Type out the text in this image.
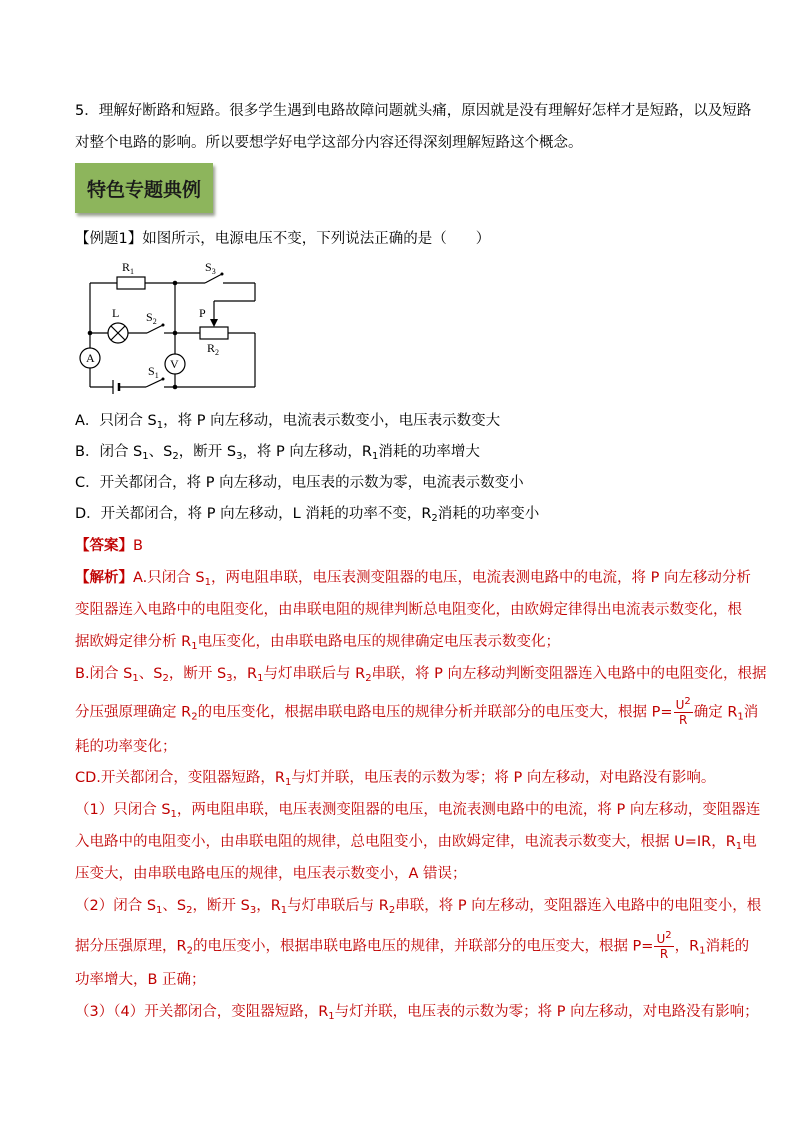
5．理解好断路和短路。很多学生遇到电路故障问题就头痛，原因就是没有理解好怎样才是短路，以及短路
对整个电路的影响。所以要想学好电学这部分内容还得深刻理解短路这个概念。
特色专题典例
【例题1】如图所示，电源电压不变，下列说法正确的是（　　）
$R_1$	$S_3$
L $S_2$
P
$R_2$
A	V
$S_1$
A．只闭合 $S_1$，将 P 向左移动，电流表示数变小，电压表示数变大
B．闭合 $S_1$、$S_2$，断开 $S_3$，将 P 向左移动，$R_1$消耗的功率增大
C．开关都闭合，将 P 向左移动，电压表的示数为零，电流表示数变小
D．开关都闭合，将 P 向左移动，L 消耗的功率不变，$R_2$消耗的功率变小
【答案】B
【解析】A.只闭合 $S_1$，两电阻串联，电压表测变阻器的电压，电流表测电路中的电流，将 P 向左移动分析
变阻器连入电路中的电阻变化，由串联电阻的规律判断总电阻变化，由欧姆定律得出电流表示数变化，根
据欧姆定律分析 $R_1$电压变化，由串联电路电压的规律确定电压表示数变化；
B.闭合 $S_1$、$S_2$，断开 $S_3$，$R_1$与灯串联后与 $R_2$串联，将 P 向左移动判断变阻器连入电路中的电阻变化，根据
分压强原理确定 $R_2$的电压变化，根据串联电路电压的规律分析并联部分的电压变大，根据 $P= \frac{U^2}{R}$ 确定 $R_1$消
耗的功率变化；
CD.开关都闭合，变阻器短路，$R_1$与灯并联，电压表的示数为零；将 P 向左移动，对电路没有影响。
（1）只闭合 $S_1$，两电阻串联，电压表测变阻器的电压，电流表测电路中的电流，将 P 向左移动，变阻器连
入电路中的电阻变小，由串联电阻的规律，总电阻变小，由欧姆定律，电流表示数变大，根据 U=IR，$R_1$电
压变大，由串联电路电压的规律，电压表示数变小，A 错误；
（2）闭合 $S_1$、$S_2$，断开 $S_3$，$R_1$与灯串联后与 $R_2$串联，将 P 向左移动，变阻器连入电路中的电阻变小，根
据分压强原理，$R_2$的电压变小，根据串联电路电压的规律，并联部分的电压变大，根据 $P= \frac{U^2}{R}$ ，$R_1$消耗的
功率增大，B 正确；
（3）（4）开关都闭合，变阻器短路，$R_1$与灯并联，电压表的示数为零；将 P 向左移动，对电路没有影响；
